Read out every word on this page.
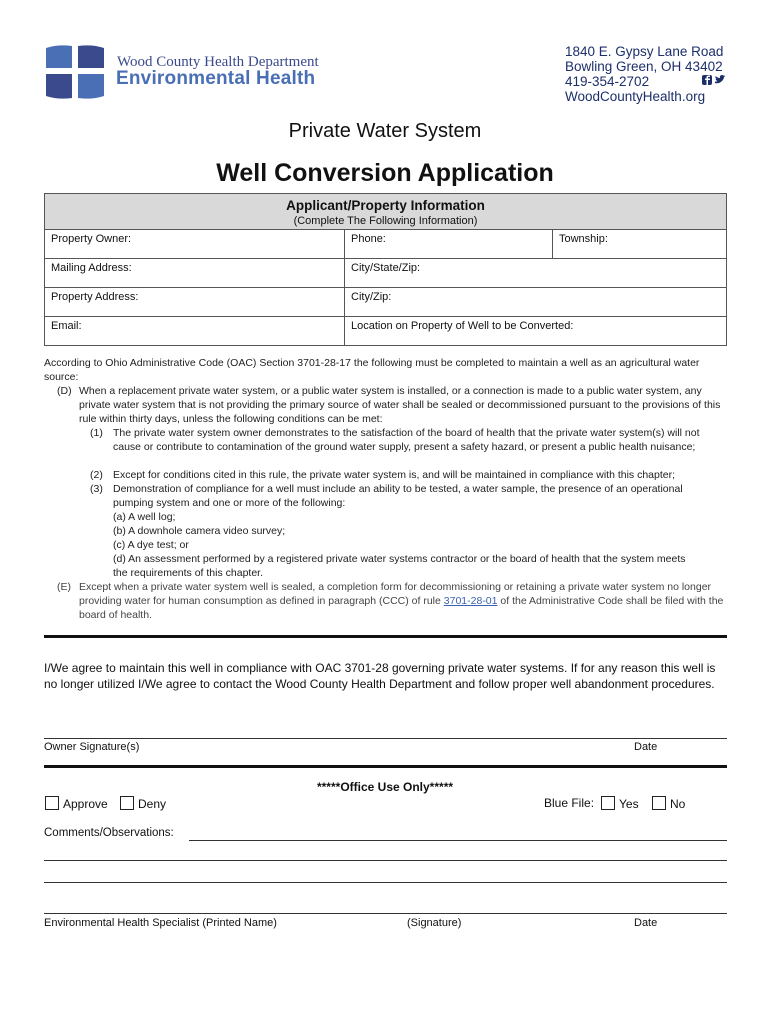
Wood County Health Department
Environmental Health
1840 E. Gypsy Lane Road
Bowling Green, OH 43402
419-354-2702
WoodCountyHealth.org
Private Water System
Well Conversion Application
Applicant/Property Information
(Complete The Following Information)
Property Owner:	Phone:	Township:
Mailing Address:	City/State/Zip:
Property Address:	City/Zip:
Email:	Location on Property of Well to be Converted:
According to Ohio Administrative Code (OAC) Section 3701-28-17 the following must be completed to maintain a well as an agricultural water source:
(D) When a replacement private water system, or a public water system is installed, or a connection is made to a public water system, any private water system that is not providing the primary source of water shall be sealed or decommissioned pursuant to the provisions of this rule within thirty days, unless the following conditions can be met:
(1) The private water system owner demonstrates to the satisfaction of the board of health that the private water system(s) will not cause or contribute to contamination of the ground water supply, present a safety hazard, or present a public health nuisance;
(2) Except for conditions cited in this rule, the private water system is, and will be maintained in compliance with this chapter;
(3) Demonstration of compliance for a well must include an ability to be tested, a water sample, the presence of an operational pumping system and one or more of the following:
(a) A well log;
(b) A downhole camera video survey;
(c) A dye test; or
(d) An assessment performed by a registered private water systems contractor or the board of health that the system meets the requirements of this chapter.
(E) Except when a private water system well is sealed, a completion form for decommissioning or retaining a private water system no longer providing water for human consumption as defined in paragraph (CCC) of rule 3701-28-01 of the Administrative Code shall be filed with the board of health.
I/We agree to maintain this well in compliance with OAC 3701-28 governing private water systems. If for any reason this well is no longer utilized I/We agree to contact the Wood County Health Department and follow proper well abandonment procedures.
Owner Signature(s)	Date
*****Office Use Only*****
Approve	Deny	Blue File:	Yes	No
Comments/Observations:
Environmental Health Specialist (Printed Name)	(Signature)	Date
